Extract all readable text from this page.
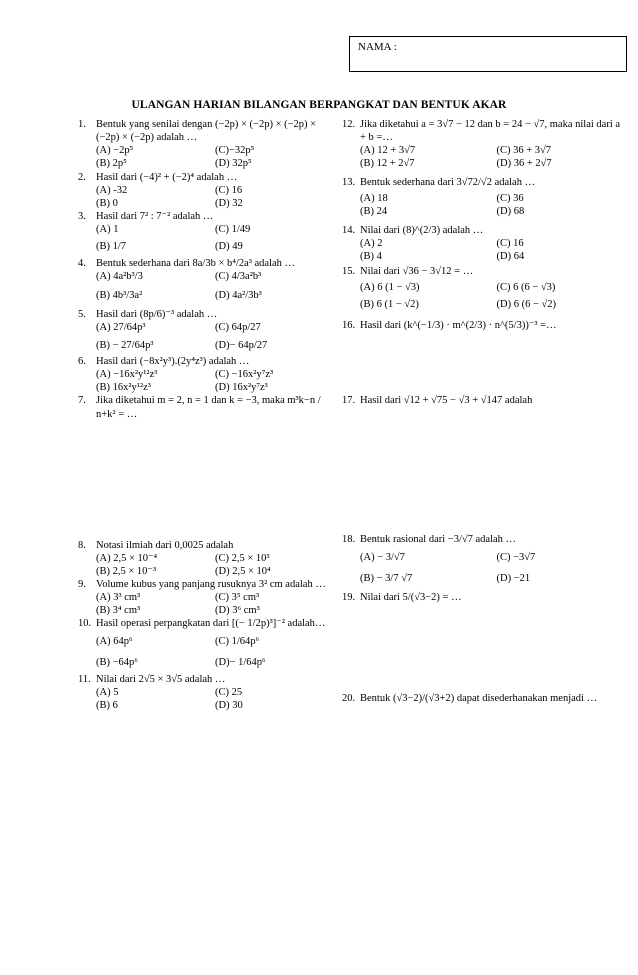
NAMA :
ULANGAN HARIAN BILANGAN BERPANGKAT DAN BENTUK AKAR
1. Bentuk yang senilai dengan (−2p) × (−2p) × (−2p) × (−2p) × (−2p) adalah …
(A) −2p⁵	(C)−32p⁵
(B) 2p⁵	(D) 32p⁵
2. Hasil dari (−4)² + (−2)⁴ adalah …
(A) -32	(C) 16
(B) 0	(D) 32
3. Hasil dari 7² : 7⁻² adalah …
(A) 1	(C) 1/49
(B) 1/7	(D) 49
4. Bentuk sederhana dari 8a/3b × b⁴/2a³ adalah …
(A) 4a²b³/3	(C) 4/3a²b³
(B) 4b³/3a²	(D) 4a²/3b³
5. Hasil dari (8p/6)⁻³ adalah …
(A) 27/64p³	(C) 64p/27
(B) − 27/64p³	(D)− 64p/27
6. Hasil dari (−8x²y³).(2y⁴z³) adalah …
(A) −16x²y¹²z³	(C) −16x²y⁷z³
(B) 16x²y¹²z³	(D) 16x²y⁷z³
7. Jika diketahui m = 2, n = 1 dan k = −3, maka m³k−n / n+k² = …
8. Notasi ilmiah dari 0,0025 adalah
(A) 2,5 × 10⁻⁴	(C) 2,5 × 10³
(B) 2,5 × 10⁻³	(D) 2,5 × 10⁴
9. Volume kubus yang panjang rusuknya 3² cm adalah …
(A) 3³ cm³	(C) 3⁵ cm³
(B) 3⁴ cm³	(D) 3⁶ cm³
10. Hasil operasi perpangkatan dari [(− 1/2p)³]⁻² adalah…
(A) 64p⁶	(C) 1/64p⁶
(B) −64p⁶	(D)− 1/64p⁶
11. Nilai dari 2√5 × 3√5 adalah …
(A) 5	(C) 25
(B) 6	(D) 30
12. Jika diketahui a = 3√7 − 12 dan b = 24 − √7, maka nilai dari a + b =…
(A) 12 + 3√7	(C) 36 + 3√7
(B) 12 + 2√7	(D) 36 + 2√7
13. Bentuk sederhana dari 3√72/√2 adalah …
(A) 18	(C) 36
(B) 24	(D) 68
14. Nilai dari (8)^(2/3) adalah …
(A) 2	(C) 16
(B) 4	(D) 64
15. Nilai dari √36 − 3√12 = …
(A) 6 (1 − √3)	(C) 6 (6 − √3)
(B) 6 (1 − √2)	(D) 6 (6 − √2)
16. Hasil dari (k^(−1/3) · m^(2/3) · n^(5/3))⁻³ =…
17. Hasil dari √12 + √75 − √3 + √147 adalah
18. Bentuk rasional dari −3/√7 adalah …
(A) − 3/√7	(C) −3√7
(B) − 3/7 √7	(D) −21
19. Nilai dari 5/(√3−2) = …
20. Bentuk (√3−2)/(√3+2) dapat disederhanakan menjadi …
